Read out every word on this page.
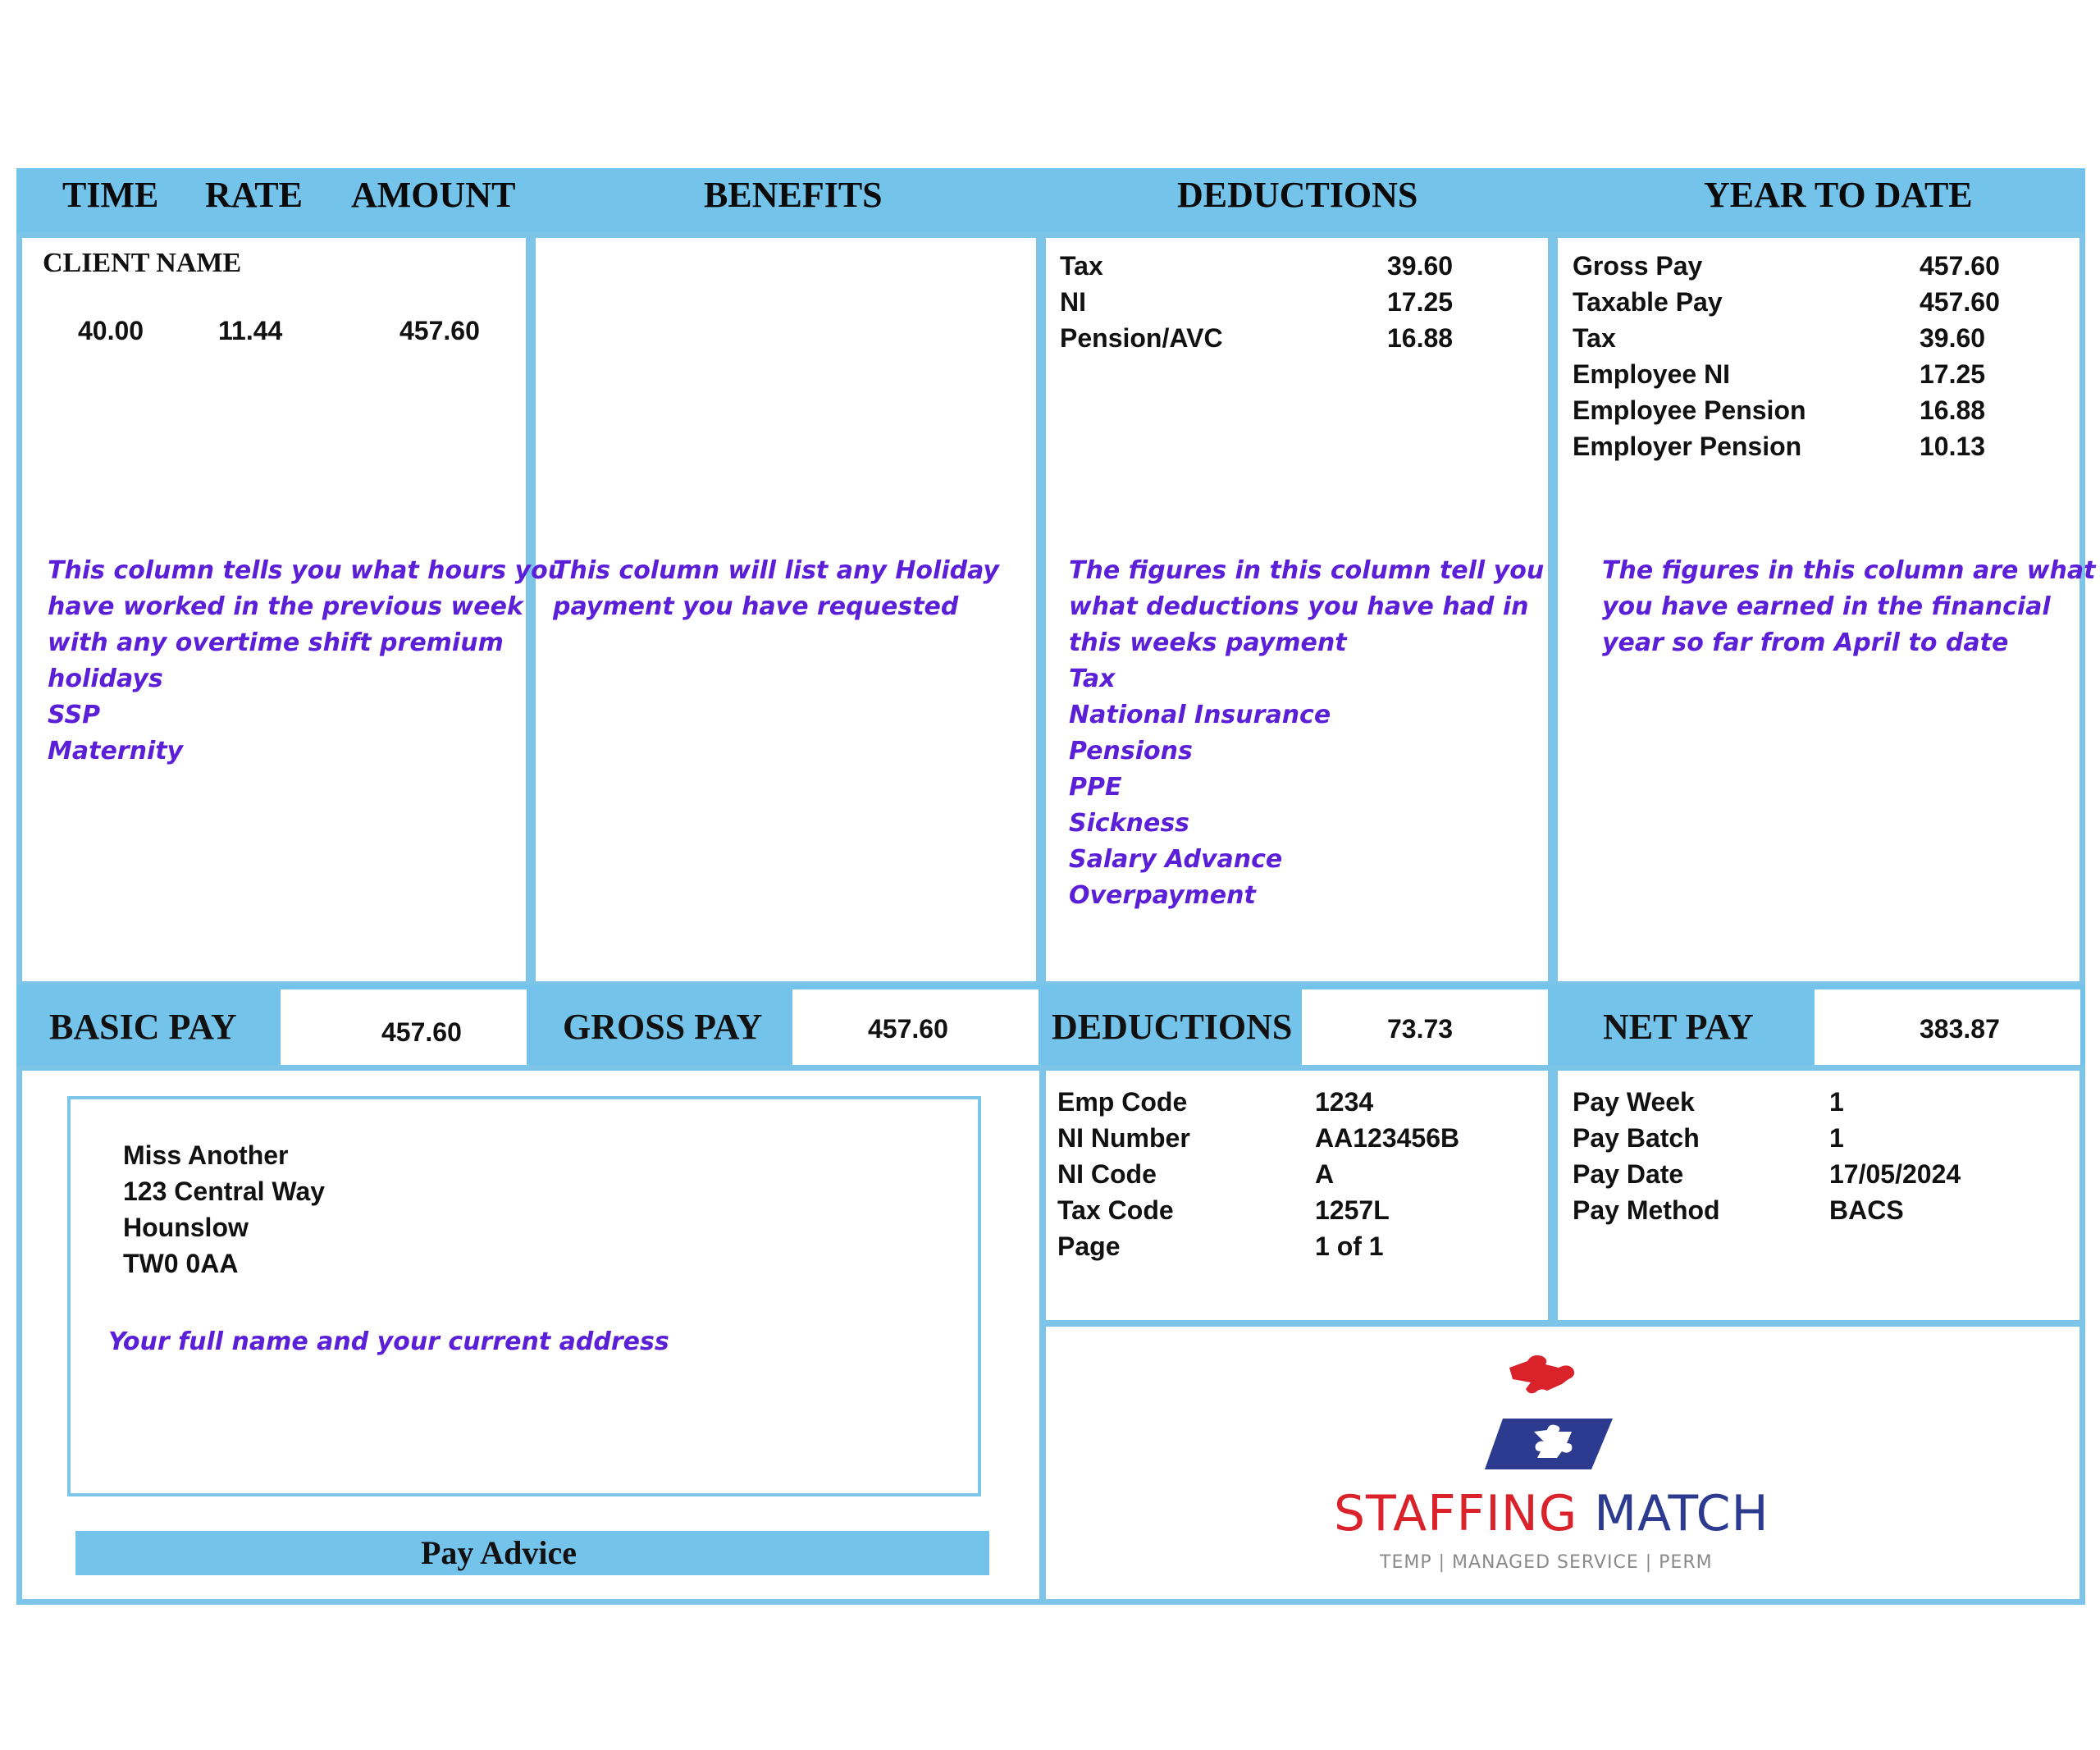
TIME RATE AMOUNT	BENEFITS	DEDUCTIONS	YEAR TO DATE
CLIENT NAME
40.00	11.44	457.60
This column tells you what hours you
have worked in the previous week
with any overtime shift premium
holidays
SSP
Maternity
This column will list any Holiday
payment you have requested
Tax	39.60
NI	17.25
Pension/AVC	16.88
The figures in this column tell you
what deductions you have had in
this weeks payment
Tax
National Insurance
Pensions
PPE
Sickness
Salary Advance
Overpayment
Gross Pay	457.60
Taxable Pay	457.60
Tax	39.60
Employee NI	17.25
Employee Pension	16.88
Employer Pension	10.13
The figures in this column are what
you have earned in the financial
year so far from April to date
BASIC PAY	457.60	GROSS PAY	457.60	DEDUCTIONS	73.73	NET PAY	383.87
Miss Another
123 Central Way
Hounslow
TW0 0AA
Your full name and your current address
Pay Advice
Emp Code	1234
NI Number	AA123456B
NI Code	A
Tax Code	1257L
Page	1 of 1
Pay Week	1
Pay Batch	1
Pay Date	17/05/2024
Pay Method	BACS
STAFFING MATCH
TEMP | MANAGED SERVICE | PERM
